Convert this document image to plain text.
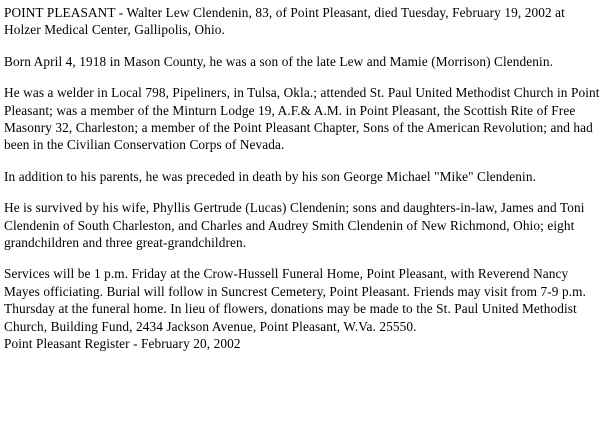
POINT PLEASANT - Walter Lew Clendenin, 83, of Point Pleasant, died Tuesday, February 19, 2002 at Holzer Medical Center, Gallipolis, Ohio.

Born April 4, 1918 in Mason County, he was a son of the late Lew and Mamie (Morrison) Clendenin.

He was a welder in Local 798, Pipeliners, in Tulsa, Okla.; attended St. Paul United Methodist Church in Point Pleasant; was a member of the Minturn Lodge 19, A.F.& A.M. in Point Pleasant, the Scottish Rite of Free Masonry 32, Charleston; a member of the Point Pleasant Chapter, Sons of the American Revolution; and had been in the Civilian Conservation Corps of Nevada.

In addition to his parents, he was preceded in death by his son George Michael "Mike" Clendenin.

He is survived by his wife, Phyllis Gertrude (Lucas) Clendenin; sons and daughters-in-law, James and Toni Clendenin of South Charleston, and Charles and Audrey Smith Clendenin of New Richmond, Ohio; eight grandchildren and three great-grandchildren.

Services will be 1 p.m. Friday at the Crow-Hussell Funeral Home, Point Pleasant, with Reverend Nancy Mayes officiating. Burial will follow in Suncrest Cemetery, Point Pleasant. Friends may visit from 7-9 p.m. Thursday at the funeral home. In lieu of flowers, donations may be made to the St. Paul United Methodist Church, Building Fund, 2434 Jackson Avenue, Point Pleasant, W.Va. 25550.

Point Pleasant Register - February 20, 2002
